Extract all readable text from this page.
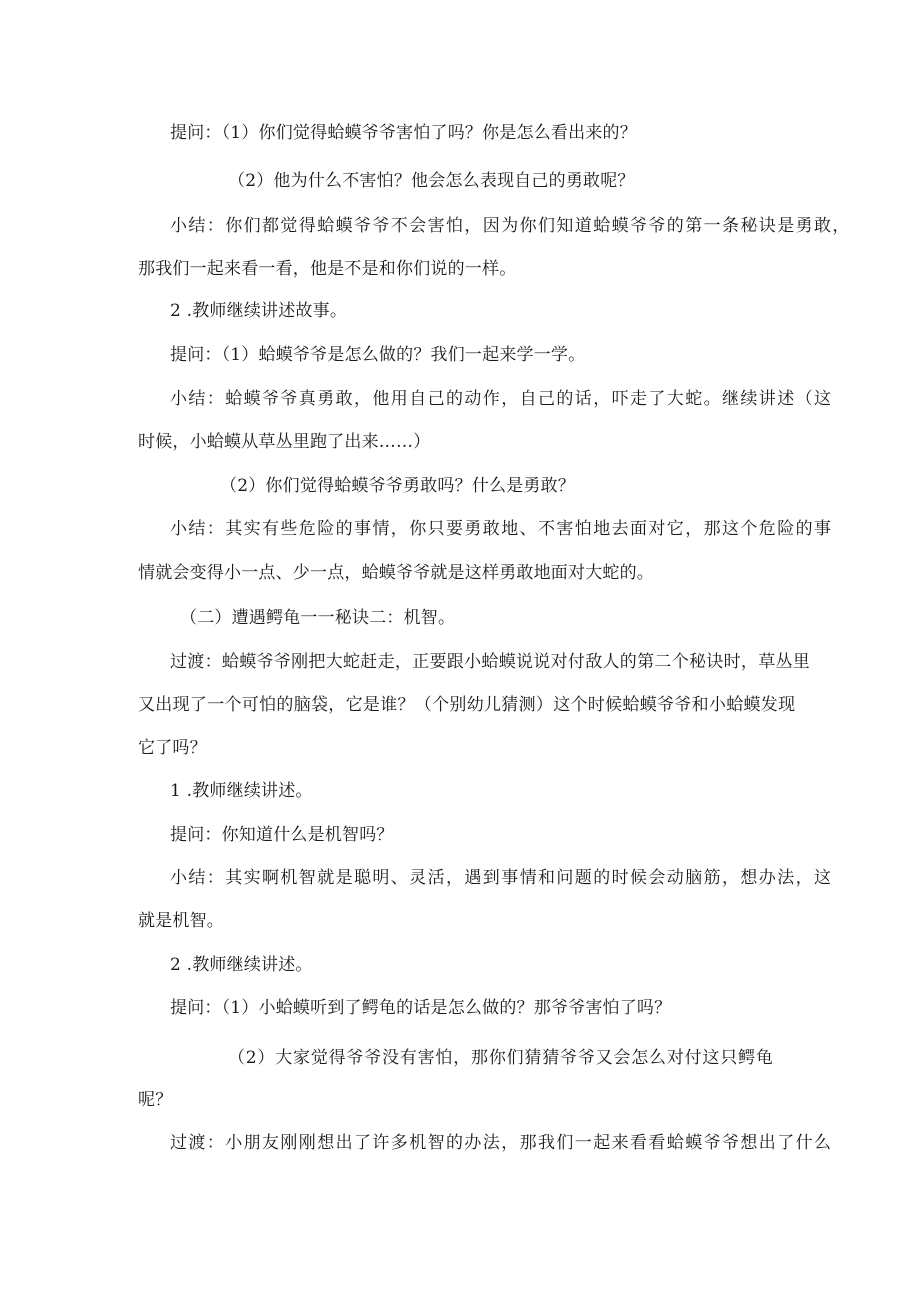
提问：（1）你们觉得蛤蟆爷爷害怕了吗？你是怎么看出来的？
（2）他为什么不害怕？他会怎么表现自己的勇敢呢？
小结：你们都觉得蛤蟆爷爷不会害怕，因为你们知道蛤蟆爷爷的第一条秘诀是勇敢，
那我们一起来看一看，他是不是和你们说的一样。
2 .教师继续讲述故事。
提问：（1）蛤蟆爷爷是怎么做的？我们一起来学一学。
小结：蛤蟆爷爷真勇敢，他用自己的动作，自己的话，吓走了大蛇。继续讲述（这
时候，小蛤蟆从草丛里跑了出来……）
（2）你们觉得蛤蟆爷爷勇敢吗？什么是勇敢？
小结：其实有些危险的事情，你只要勇敢地、不害怕地去面对它，那这个危险的事
情就会变得小一点、少一点，蛤蟆爷爷就是这样勇敢地面对大蛇的。
（二）遭遇鳄龟一一秘诀二：机智。
过渡：蛤蟆爷爷刚把大蛇赶走，正要跟小蛤蟆说说对付敌人的第二个秘诀时，草丛里
又出现了一个可怕的脑袋，它是谁？（个别幼儿猜测）这个时候蛤蟆爷爷和小蛤蟆发现
它了吗？
1 .教师继续讲述。
提问：你知道什么是机智吗？
小结：其实啊机智就是聪明、灵活，遇到事情和问题的时候会动脑筋，想办法，这
就是机智。
2 .教师继续讲述。
提问：（1）小蛤蟆听到了鳄龟的话是怎么做的？那爷爷害怕了吗？
（2）大家觉得爷爷没有害怕，那你们猜猜爷爷又会怎么对付这只鳄龟
呢？
过渡：小朋友刚刚想出了许多机智的办法，那我们一起来看看蛤蟆爷爷想出了什么
